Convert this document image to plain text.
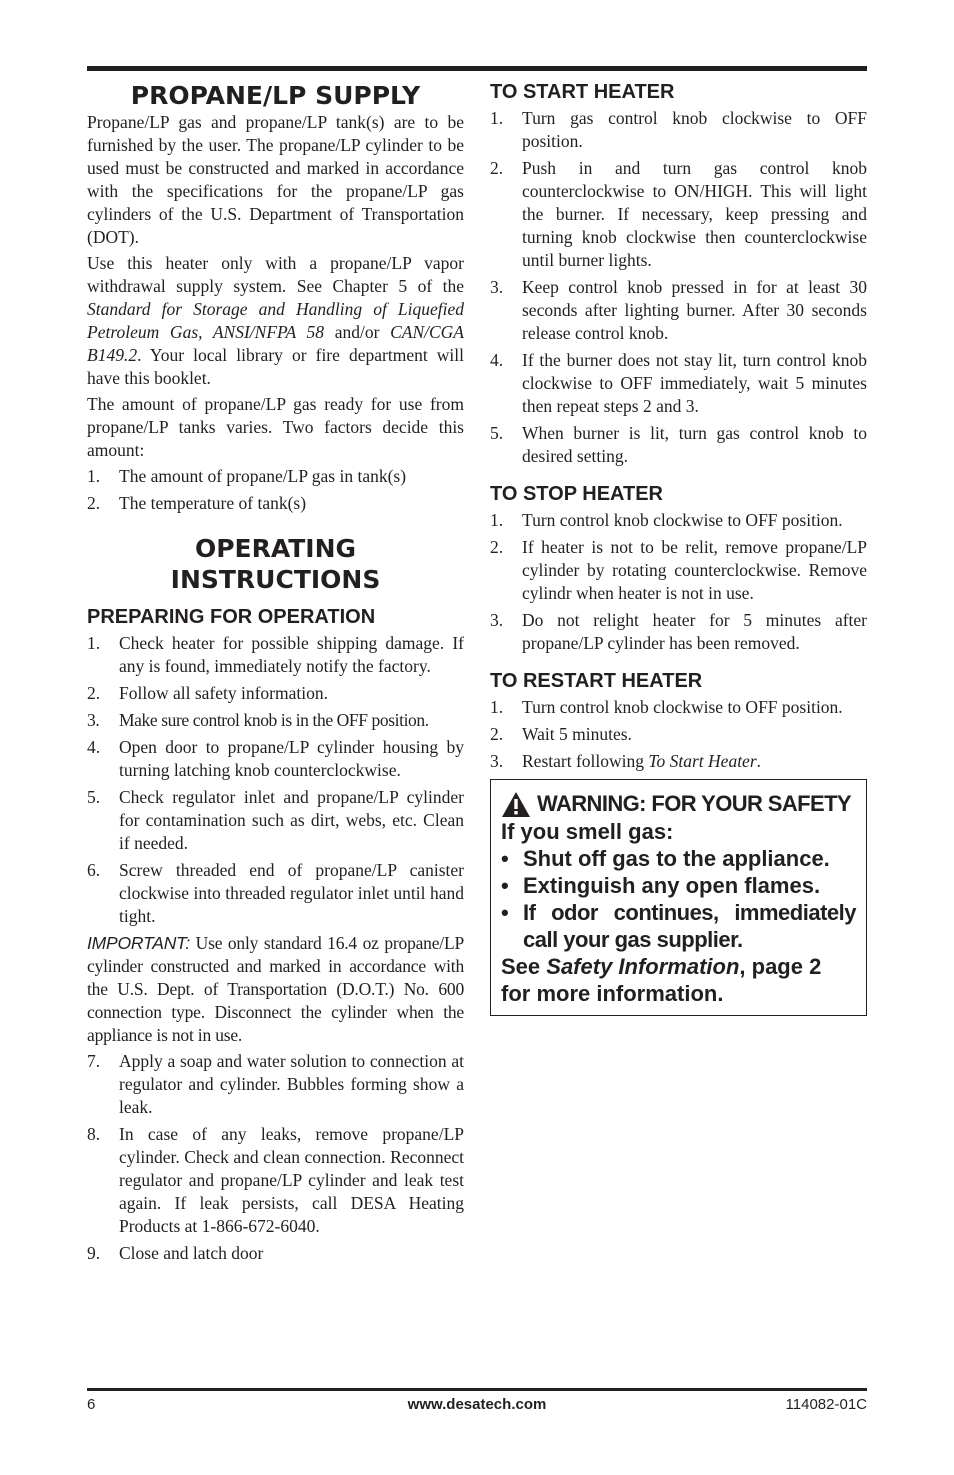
PROPANE/LP SUPPLY

Propane/LP gas and propane/LP tank(s) are to be furnished by the user. The propane/LP cylinder to be used must be constructed and marked in accordance with the specifications for the propane/LP gas cylinders of the U.S. Department of Transportation (DOT).

Use this heater only with a propane/LP vapor withdrawal supply system. See Chapter 5 of the Standard for Storage and Handling of Liquefied Petroleum Gas, ANSI/NFPA 58 and/or CAN/CGA B149.2. Your local library or fire department will have this booklet.

The amount of propane/LP gas ready for use from propane/LP tanks varies. Two factors decide this amount:

1. The amount of propane/LP gas in tank(s)
2. The temperature of tank(s)
OPERATING
INSTRUCTIONS
PREPARING FOR OPERATION
1. Check heater for possible shipping damage. If any is found, immediately notify the factory.
2. Follow all safety information.
3. Make sure control knob is in the OFF position.
4. Open door to propane/LP cylinder housing by turning latching knob counterclockwise.
5. Check regulator inlet and propane/LP cylinder for contamination such as dirt, webs, etc. Clean if needed.
6. Screw threaded end of propane/LP canister clockwise into threaded regulator inlet until hand tight.

IMPORTANT: Use only standard 16.4 oz propane/LP cylinder constructed and marked in accordance with the U.S. Dept. of Transportation (D.O.T.) No. 600 connection type. Disconnect the cylinder when the appliance is not in use.

7. Apply a soap and water solution to connection at regulator and cylinder. Bubbles forming show a leak.
8. In case of any leaks, remove propane/LP cylinder. Check and clean connection. Reconnect regulator and propane/LP cylinder and leak test again. If leak persists, call DESA Heating Products at 1-866-672-6040.
9. Close and latch door
TO START HEATER
1. Turn gas control knob clockwise to OFF position.
2. Push in and turn gas control knob counterclockwise to ON/HIGH. This will light the burner. If necessary, keep pressing and turning knob clockwise then counterclockwise until burner lights.
3. Keep control knob pressed in for at least 30 seconds after lighting burner. After 30 seconds release control knob.
4. If the burner does not stay lit, turn control knob clockwise to OFF immediately, wait 5 minutes then repeat steps 2 and 3.
5. When burner is lit, turn gas control knob to desired setting.
TO STOP HEATER
1. Turn control knob clockwise to OFF position.
2. If heater is not to be relit, remove propane/LP cylinder by rotating counterclockwise. Remove cylindr when heater is not in use.
3. Do not relight heater for 5 minutes after propane/LP cylinder has been removed.
TO RESTART HEATER
1. Turn control knob clockwise to OFF position.
2. Wait 5 minutes.
3. Restart following To Start Heater.
WARNING: FOR YOUR SAFETY
If you smell gas:
• Shut off gas to the appliance.
• Extinguish any open flames.
• If odor continues, immediately call your gas supplier.
See Safety Information, page 2 for more information.
www.desatech.com
6	114082-01C
